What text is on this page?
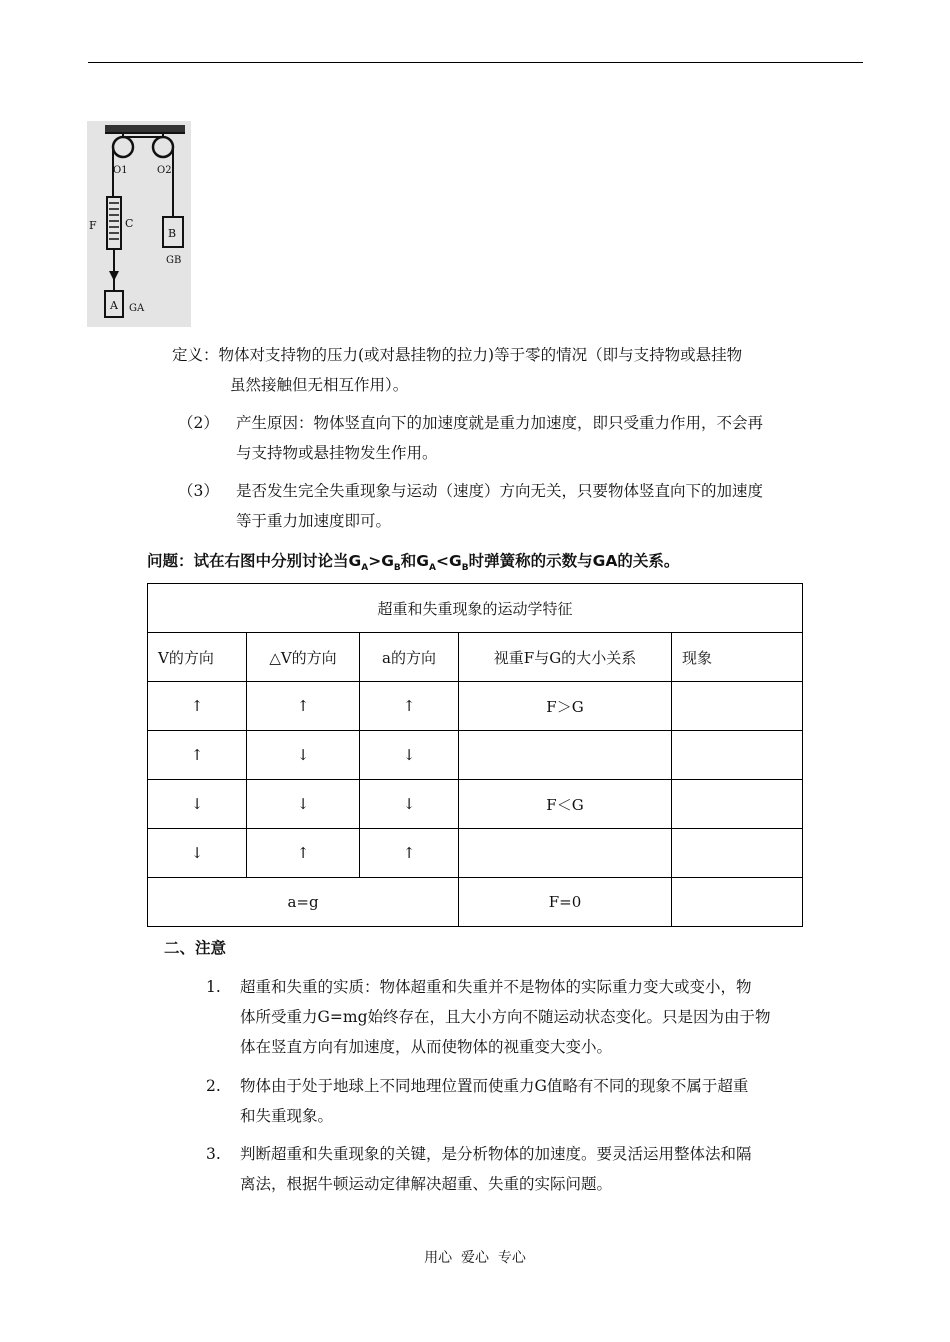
O1	O2
F	C
B
GB
A GA
定义：物体对支持物的压力(或对悬挂物的拉力)等于零的情况（即与支持物或悬挂物

虽然接触但无相互作用）。
（2） 产生原因：物体竖直向下的加速度就是重力加速度，即只受重力作用，不会再
与支持物或悬挂物发生作用。
（3） 是否发生完全失重现象与运动（速度）方向无关，只要物体竖直向下的加速度
等于重力加速度即可。
问题：试在右图中分别讨论当$G_A>G_B$和$G_A<G_B$时弹簧称的示数与GA的关系。
超重和失重现象的运动学特征				
V的方向	△V的方向	a的方向	视重F与G的大小关系	现象
↑	↑	↑	F＞G	
↑	↓	↓		
↓	↓	↓	F＜G	
↓	↑	↑		
a=g			F=0	
二、注意
1. 超重和失重的实质：物体超重和失重并不是物体的实际重力变大或变小，物
体所受重力G=mg始终存在，且大小方向不随运动状态变化。只是因为由于物
体在竖直方向有加速度，从而使物体的视重变大变小。
2. 物体由于处于地球上不同地理位置而使重力G值略有不同的现象不属于超重
和失重现象。
3. 判断超重和失重现象的关键，是分析物体的加速度。要灵活运用整体法和隔
离法，根据牛顿运动定律解决超重、失重的实际问题。
用心  爱心  专心
